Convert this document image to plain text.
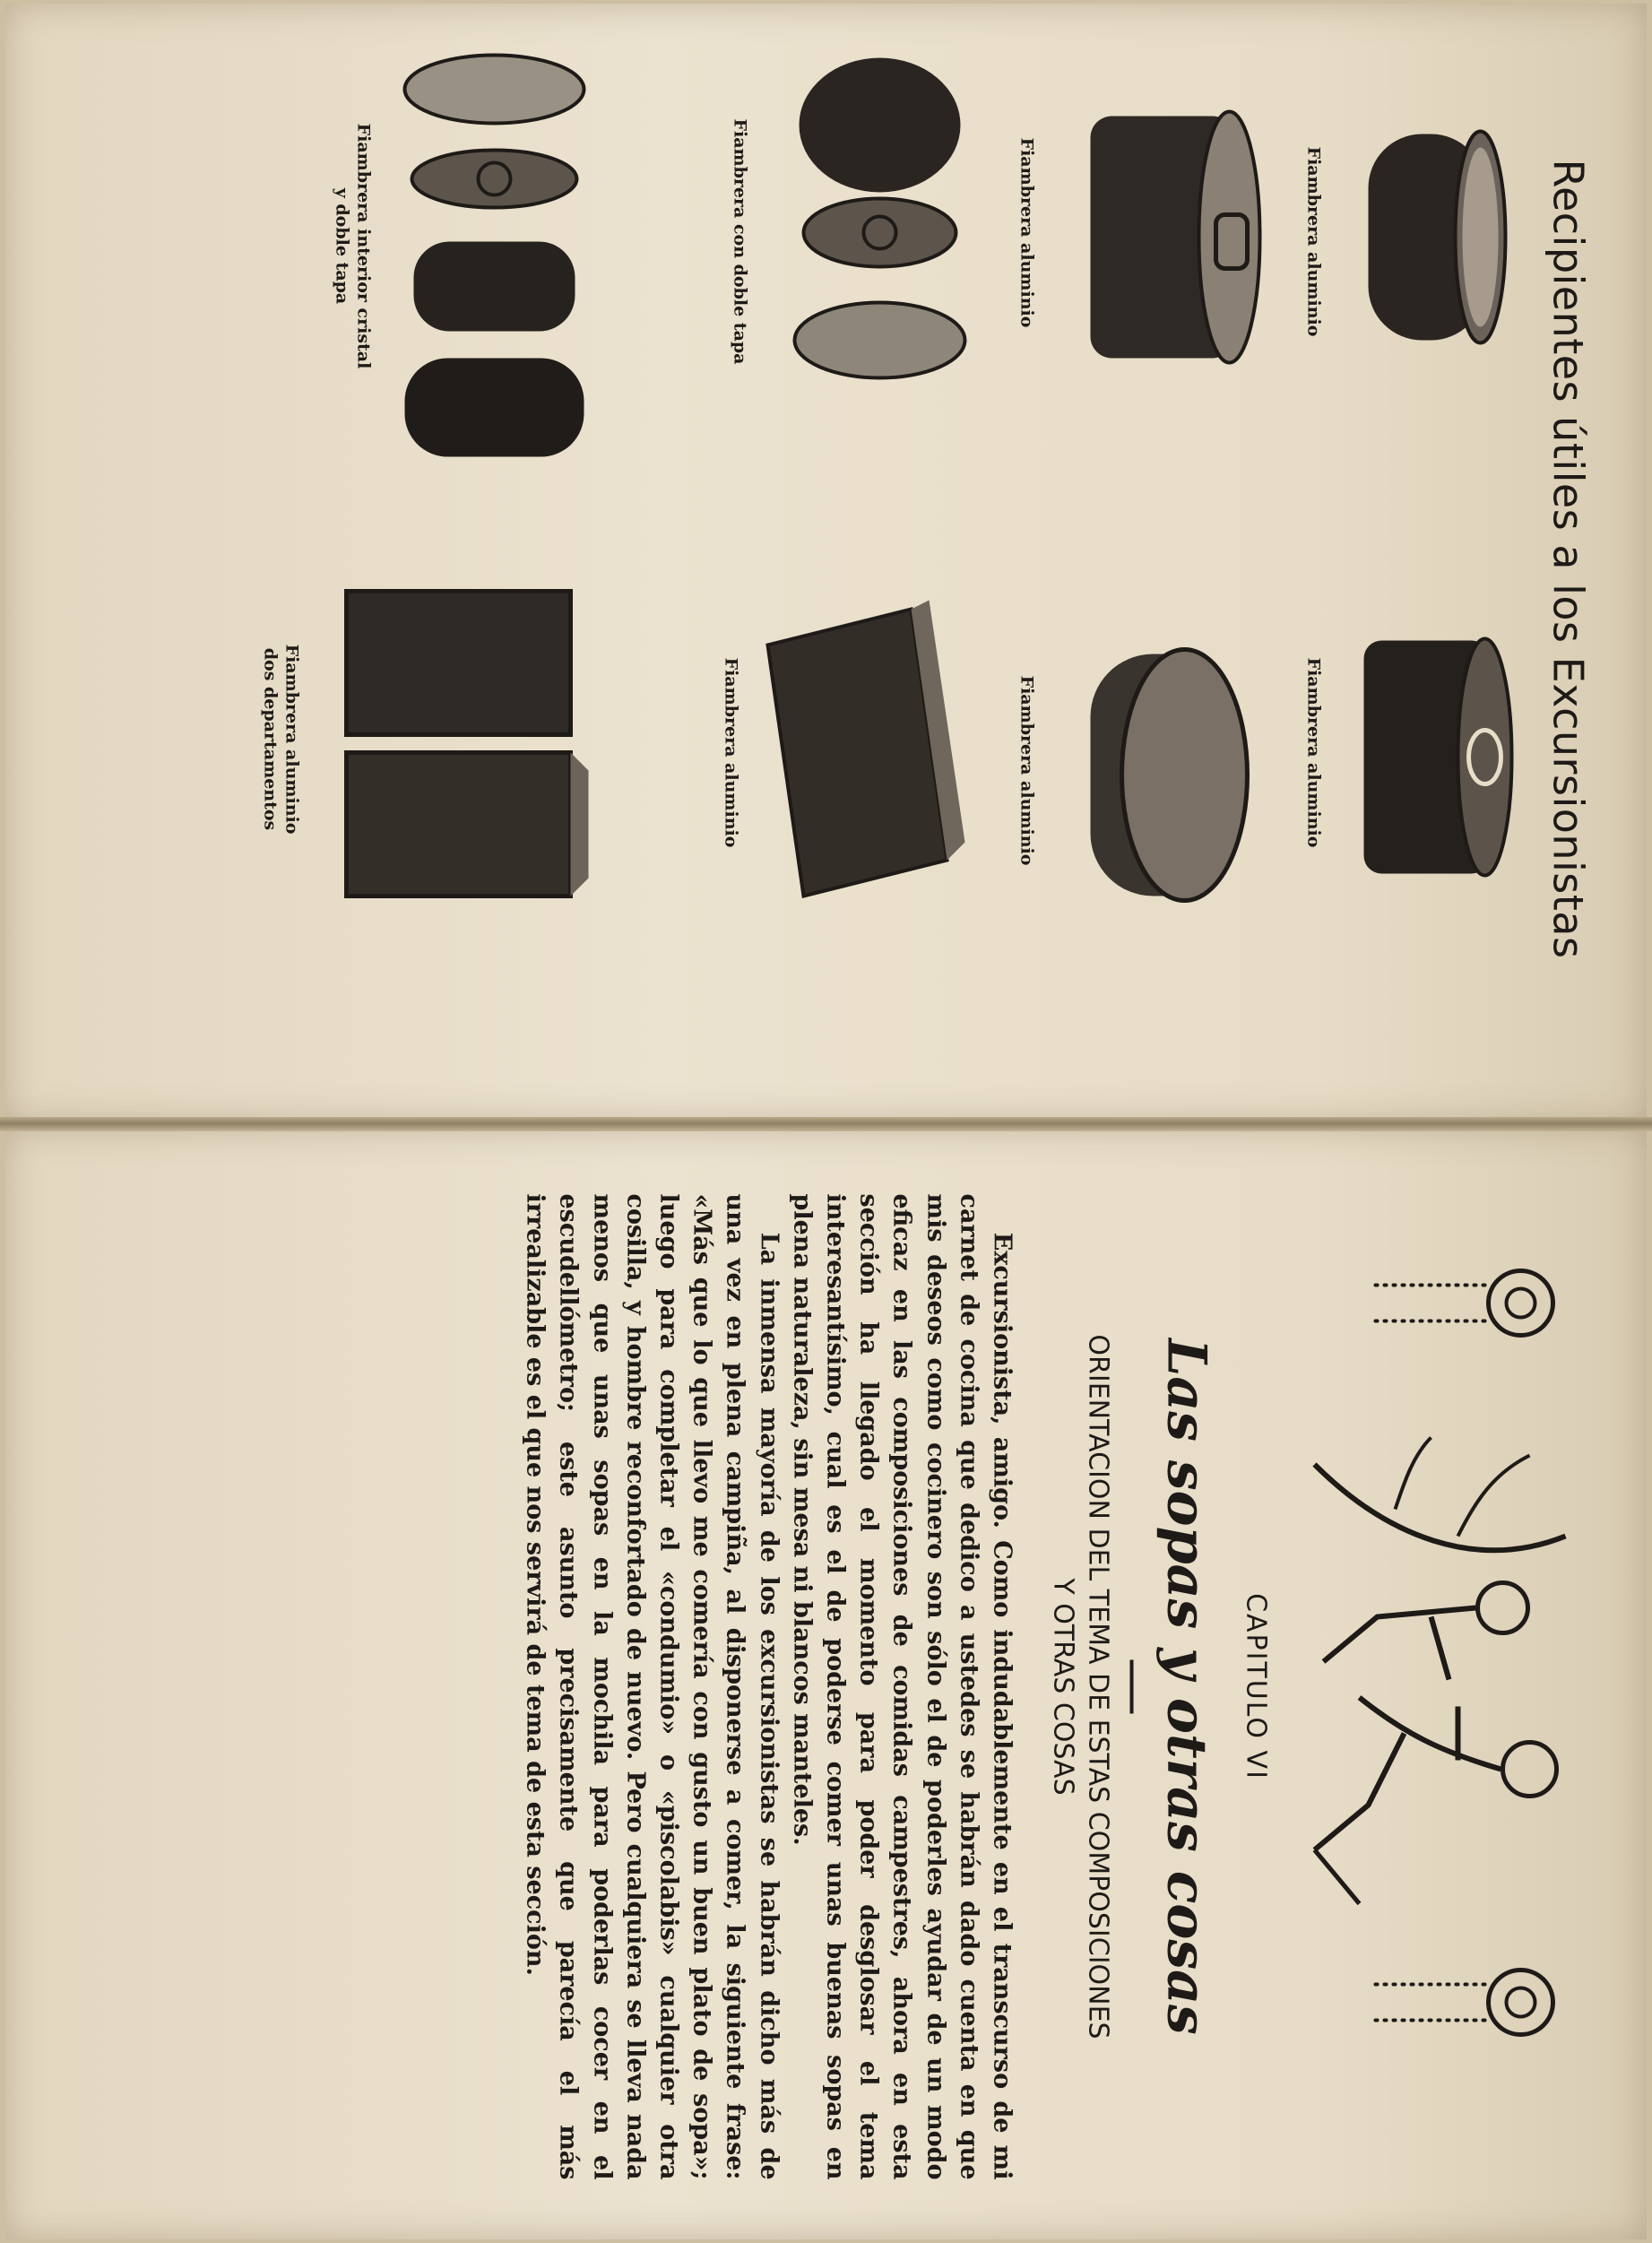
Recipientes útiles a los Excursionistas
Fiambrera aluminio
Fiambrera aluminio
Fiambrera aluminio
Fiambrera aluminio
Fiambrera con doble tapa
Fiambrera aluminio
Fiambrera interior cristal
y doble tapa
Fiambrera aluminio
dos departamentos
CAPITULO VI
Las sopas y otras cosas
ORIENTACION DEL TEMA DE ESTAS COMPOSICIONES
Y OTRAS COSAS

Excursionista, amigo. Como indudablemente en el transcurso de mi carnet de cocina que dedico a ustedes se habrán dado cuenta en que mis deseos como cocinero son sólo el de poderles ayudar de un modo eficaz en las composiciones de comidas campestres, ahora en esta sección ha llegado el momento para poder desglosar el tema interesantísimo, cual es el de poderse comer unas buenas sopas en plena naturaleza, sin mesa ni blancos manteles.

La inmensa mayoría de los excursionistas se habrán dicho más de una vez en plena campiña, al disponerse a comer, la siguiente frase: «Más que lo que llevo me comería con gusto un buen plato de sopa»; luego para completar el «condumio» o «piscolabis» cualquier otra cosilla, y hombre reconfortado de nuevo. Pero cualquiera se lleva nada menos que unas sopas en la mochila para poderlas cocer en el escudellómetro; este asunto precisamente que parecía el más irrealizable es el que nos servirá de tema de esta sección.
